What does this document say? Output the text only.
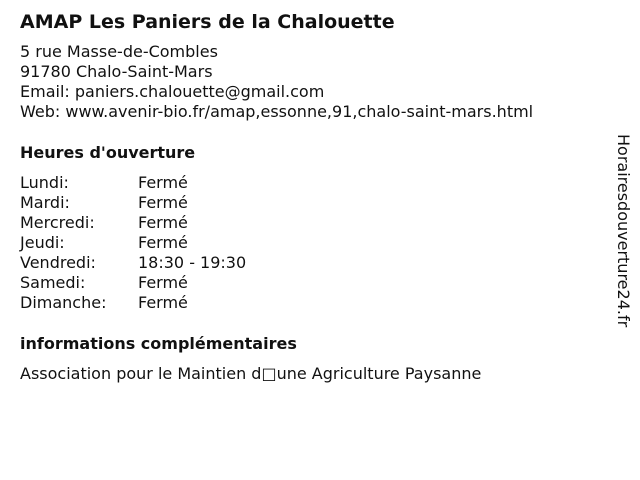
AMAP Les Paniers de la Chalouette
5 rue Masse-de-Combles
91780 Chalo-Saint-Mars
Email: paniers.chalouette@gmail.com
Web: www.avenir-bio.fr/amap,essonne,91,chalo-saint-mars.html
Heures d'ouverture
Lundi:	Fermé
Mardi:	Fermé
Mercredi:	Fermé
Jeudi:	Fermé
Vendredi:	18:30 - 19:30
Samedi:	Fermé
Dimanche:	Fermé
informations complémentaires
Association pour le Maintien d□une Agriculture Paysanne
Horairesdouverture24.fr
